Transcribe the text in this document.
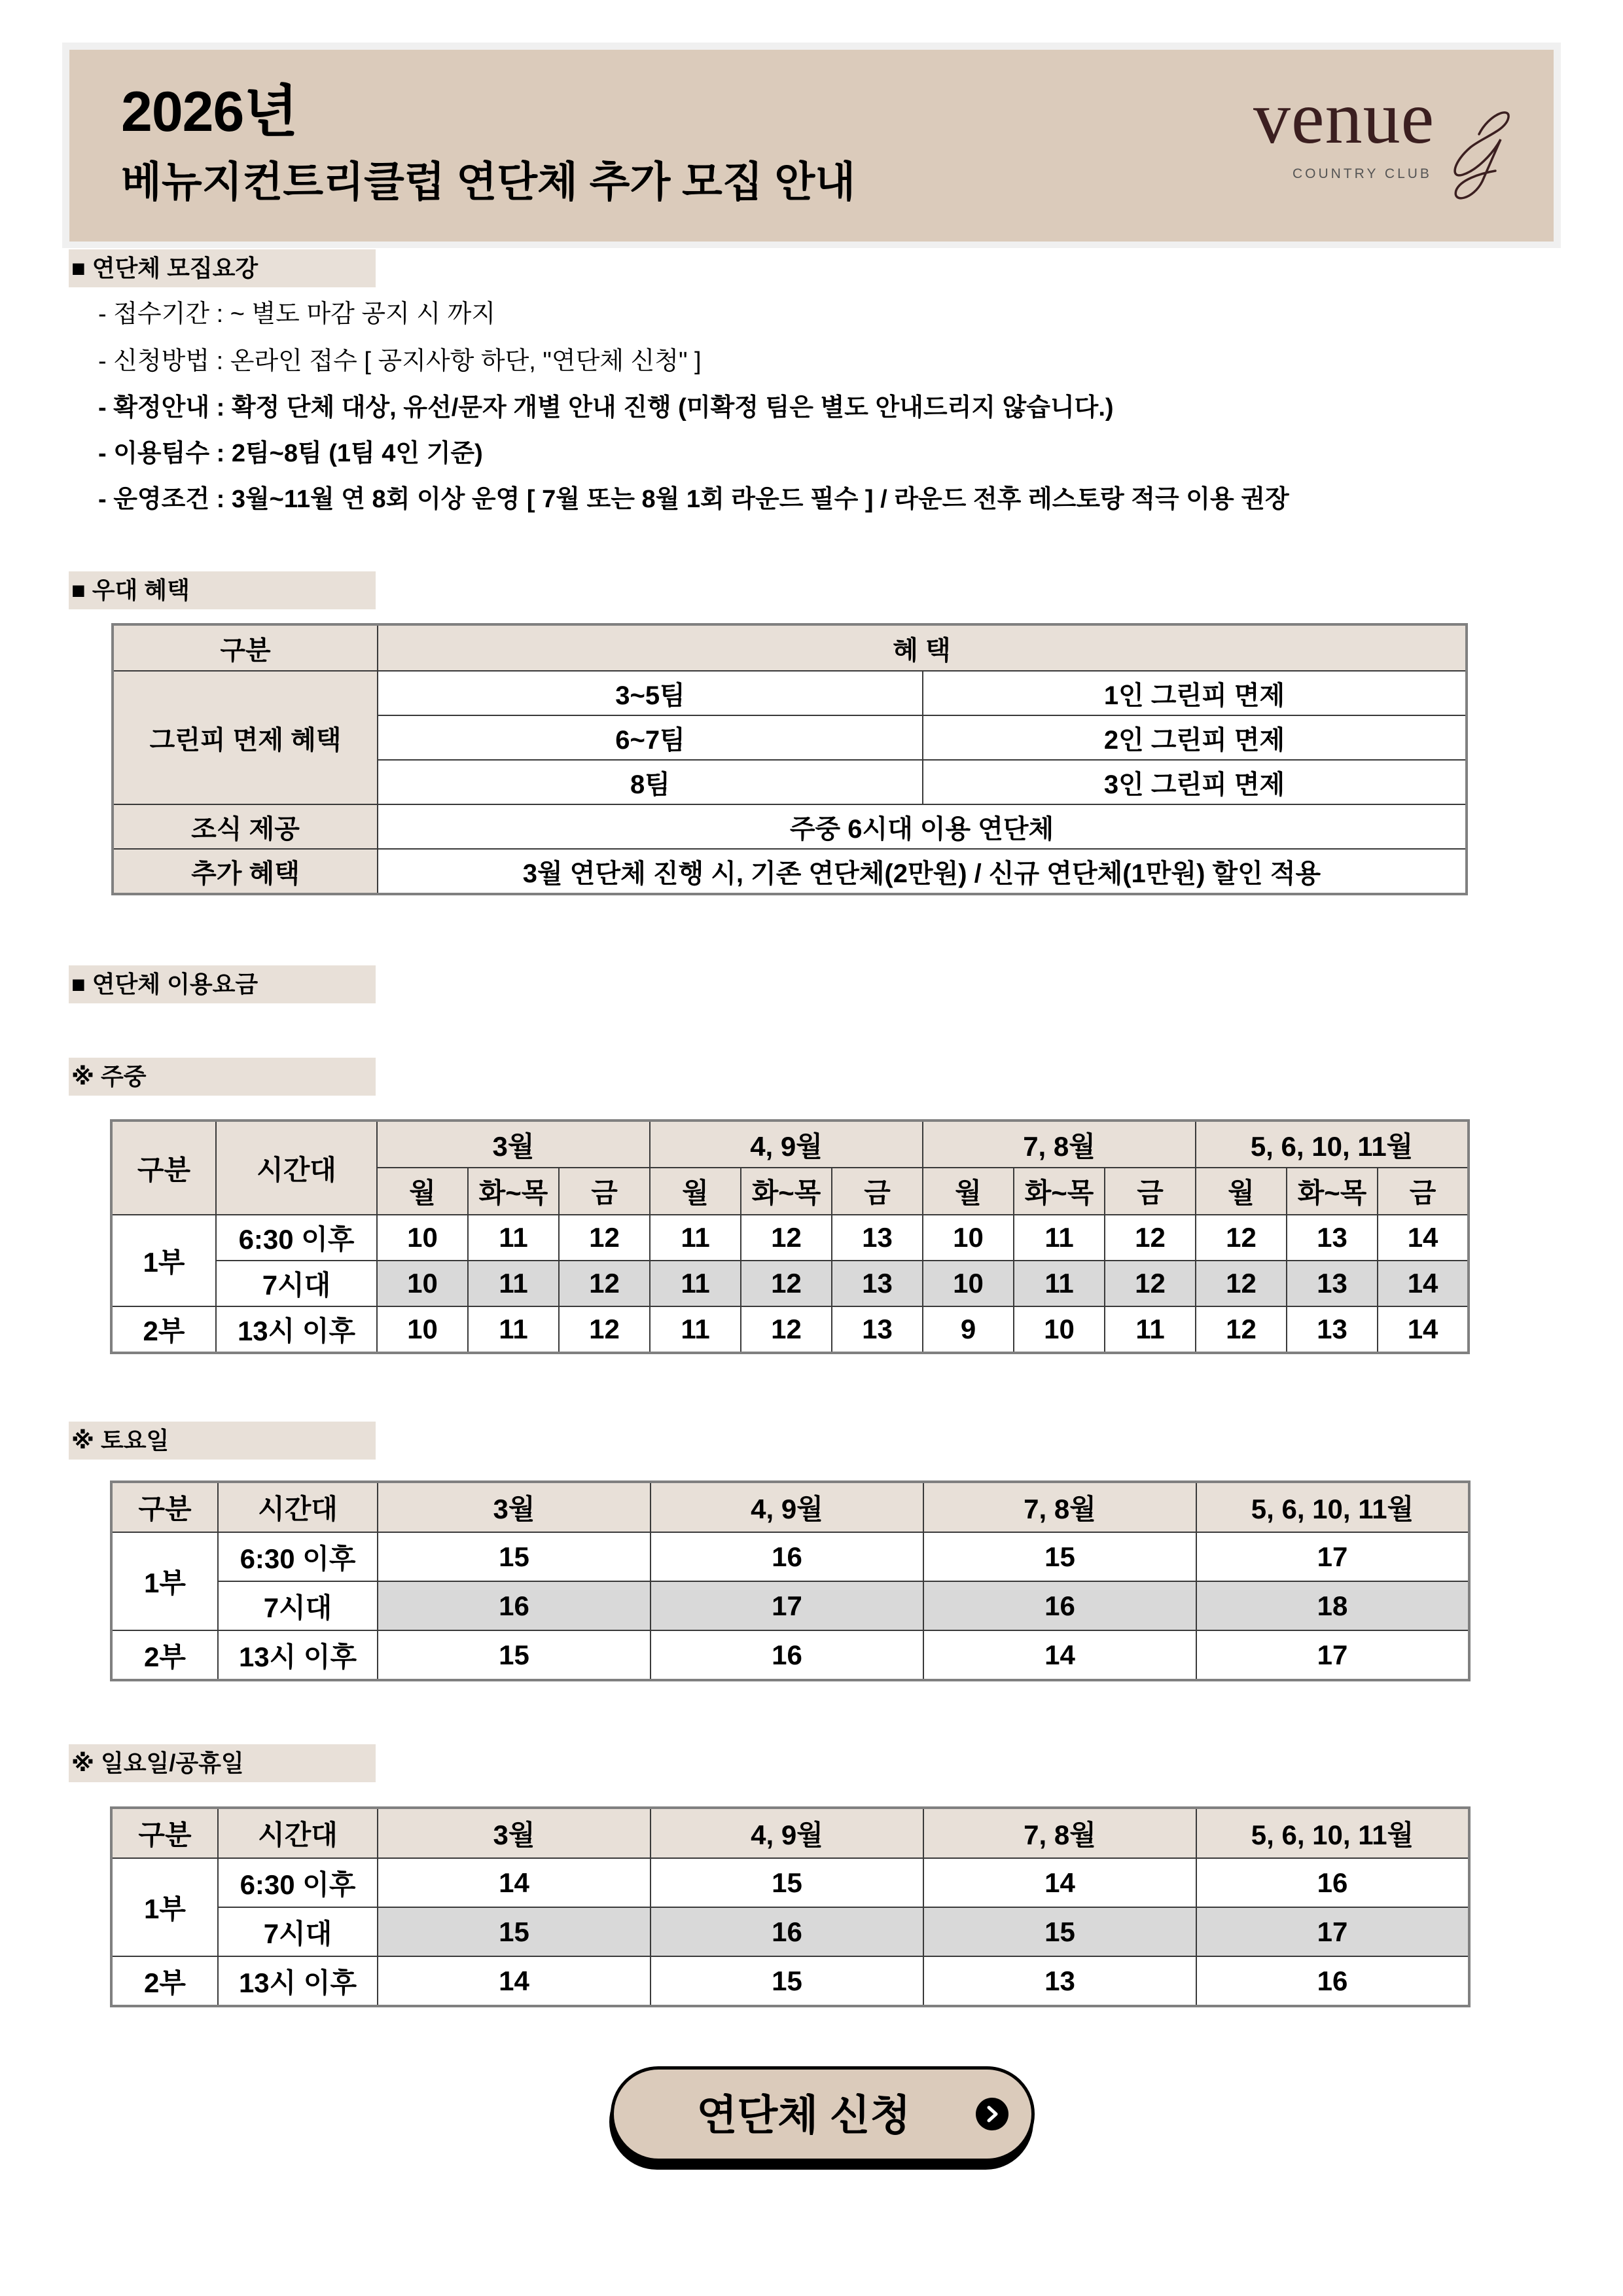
2026년
베뉴지컨트리클럽 연단체 추가 모집 안내
venue
COUNTRY CLUB
■ 연단체 모집요강
- 접수기간 : ~ 별도 마감 공지 시 까지
- 신청방법 : 온라인 접수 [ 공지사항 하단, "연단체 신청" ]
- 확정안내 : 확정 단체 대상, 유선/문자 개별 안내 진행 (미확정 팀은 별도 안내드리지 않습니다.)
- 이용팀수 : 2팀~8팀 (1팀 4인 기준)
- 운영조건 : 3월~11월 연 8회 이상 운영 [ 7월 또는 8월 1회 라운드 필수 ] / 라운드 전후 레스토랑 적극 이용 권장
■ 우대 혜택
구분	혜 택	
그린피 면제 혜택	3~5팀	1인 그린피 면제
	6~7팀	2인 그린피 면제
	8팀	3인 그린피 면제
조식 제공	주중 6시대 이용 연단체	
추가 혜택	3월 연단체 진행 시, 기존 연단체(2만원) / 신규 연단체(1만원) 할인 적용	
■ 연단체 이용요금
※ 주중
구분	시간대	3월			4, 9월			7, 8월			5, 6, 10, 11월		
		월	화~목	금	월	화~목	금	월	화~목	금	월	화~목	금
1부	6:30 이후	10	11	12	11	12	13	10	11	12	12	13	14
	7시대	10	11	12	11	12	13	10	11	12	12	13	14
2부	13시 이후	10	11	12	11	12	13	9	10	11	12	13	14
※ 토요일
구분	시간대	3월	4, 9월	7, 8월	5, 6, 10, 11월
1부	6:30 이후	15	16	15	17
	7시대	16	17	16	18
2부	13시 이후	15	16	14	17
※ 일요일/공휴일
구분	시간대	3월	4, 9월	7, 8월	5, 6, 10, 11월
1부	6:30 이후	14	15	14	16
	7시대	15	16	15	17
2부	13시 이후	14	15	13	16
연단체 신청
